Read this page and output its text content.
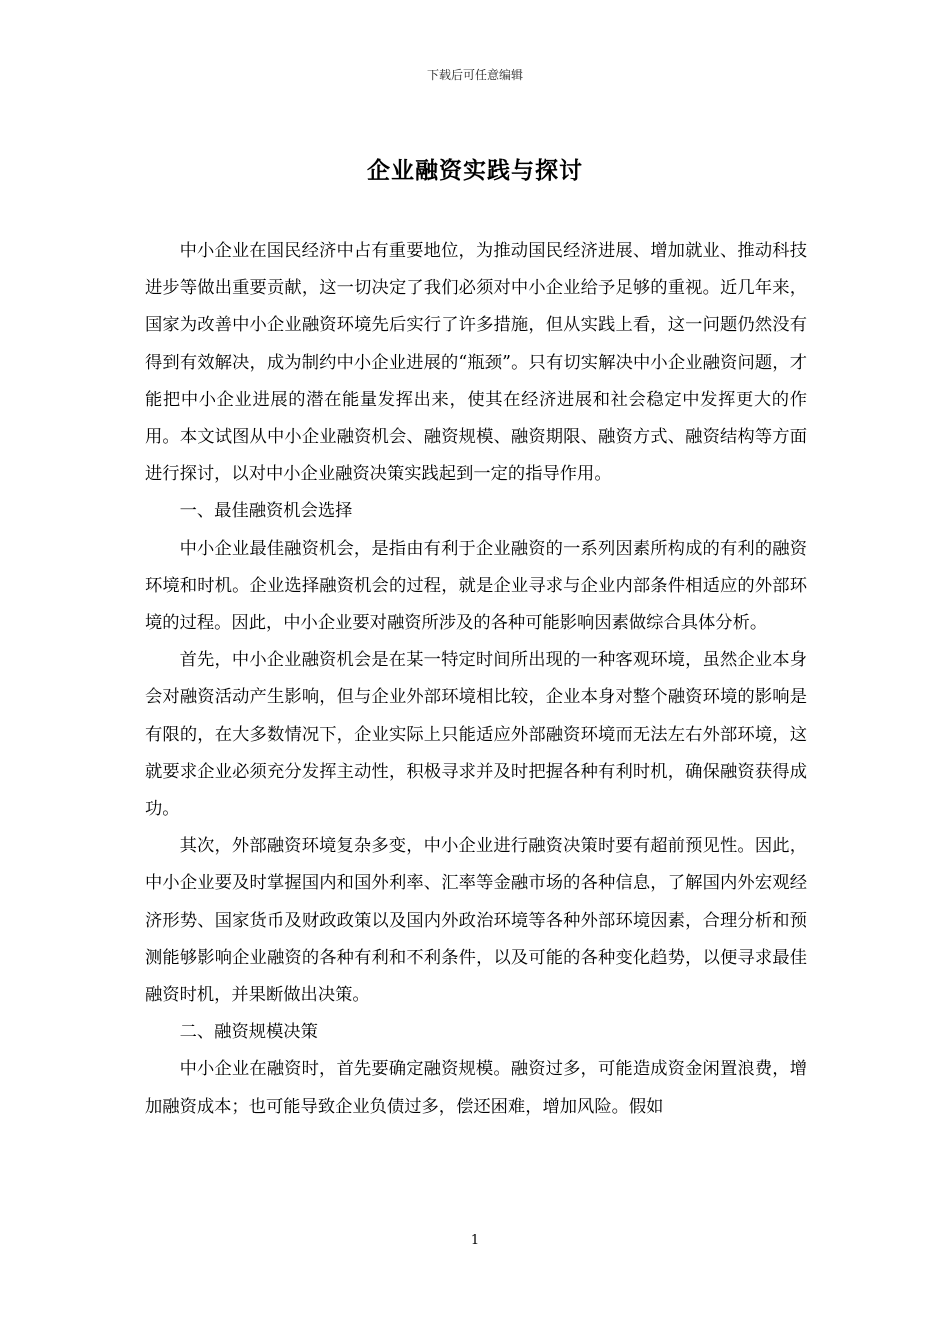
下载后可任意编辑
企业融资实践与探讨

中小企业在国民经济中占有重要地位，为推动国民经济进展、增加就业、推动科技进步等做出重要贡献，这一切决定了我们必须对中小企业给予足够的重视。近几年来，国家为改善中小企业融资环境先后实行了许多措施，但从实践上看，这一问题仍然没有得到有效解决，成为制约中小企业进展的“瓶颈”。只有切实解决中小企业融资问题，才能把中小企业进展的潜在能量发挥出来，使其在经济进展和社会稳定中发挥更大的作用。本文试图从中小企业融资机会、融资规模、融资期限、融资方式、融资结构等方面进行探讨，以对中小企业融资决策实践起到一定的指导作用。

一、最佳融资机会选择

中小企业最佳融资机会，是指由有利于企业融资的一系列因素所构成的有利的融资环境和时机。企业选择融资机会的过程，就是企业寻求与企业内部条件相适应的外部环境的过程。因此，中小企业要对融资所涉及的各种可能影响因素做综合具体分析。

首先，中小企业融资机会是在某一特定时间所出现的一种客观环境，虽然企业本身会对融资活动产生影响，但与企业外部环境相比较，企业本身对整个融资环境的影响是有限的，在大多数情况下，企业实际上只能适应外部融资环境而无法左右外部环境，这就要求企业必须充分发挥主动性，积极寻求并及时把握各种有利时机，确保融资获得成功。

其次，外部融资环境复杂多变，中小企业进行融资决策时要有超前预见性。因此，中小企业要及时掌握国内和国外利率、汇率等金融市场的各种信息，了解国内外宏观经济形势、国家货币及财政政策以及国内外政治环境等各种外部环境因素，合理分析和预测能够影响企业融资的各种有利和不利条件，以及可能的各种变化趋势，以便寻求最佳融资时机，并果断做出决策。

二、融资规模决策

中小企业在融资时，首先要确定融资规模。融资过多，可能造成资金闲置浪费，增加融资成本；也可能导致企业负债过多，偿还困难，增加风险。假如

1
